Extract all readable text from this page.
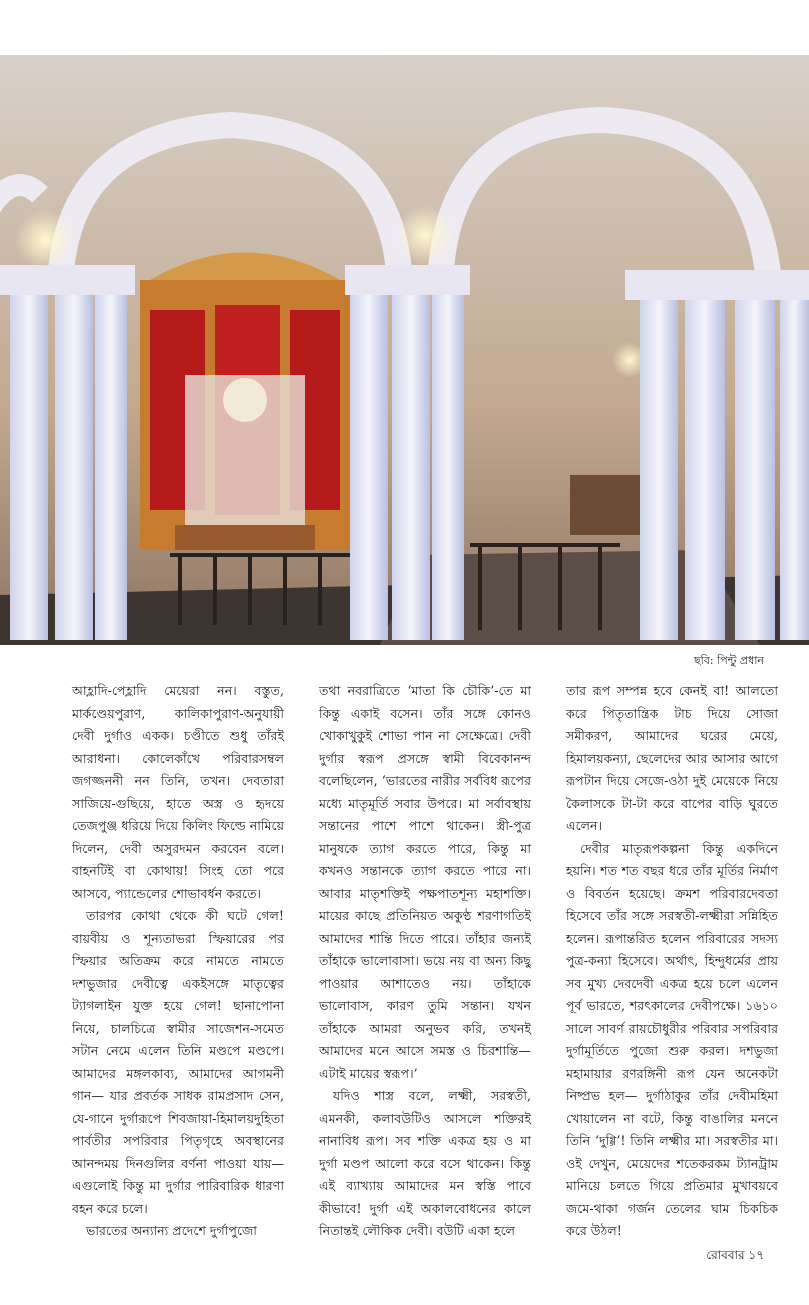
ছবি: পিন্টু প্রধান

আহ্লাদি-পেহ্লাদি মেয়েরা নন। বস্তুত, মার্কণ্ডেয়পুরাণ, কালিকাপুরাণ-অনুযায়ী দেবী দুর্গাও একক। চণ্ডীতে শুধু তাঁরই আরাধনা। কোলেকাঁখে পরিবারসম্বল জগজ্জননী নন তিনি, তখন। দেবতারা সাজিয়ে-গুছিয়ে, হাতে অস্ত্র ও হৃদয়ে তেজপুঞ্জ ধরিয়ে দিয়ে কিলিং ফিল্ডে নামিয়ে দিলেন, দেবী অসুরদমন করবেন বলে। বাহনটিই বা কোথায়! সিংহ তো পরে আসবে, প্যান্ডেলের শোভাবর্ধন করতে।

তারপর কোথা থেকে কী ঘটে গেল! বায়বীয় ও শূন্যতাভরা স্ফিয়ারের পর স্ফিয়ার অতিক্রম করে নামতে নামতে দশভুজার দেবীত্বে একইসঙ্গে মাতৃত্বের ট্যাগলাইন যুক্ত হয়ে গেল! ছানাপোনা নিয়ে, চালচিত্রে স্বামীর সাজেশন-সমেত সটান নেমে এলেন তিনি মণ্ডপে মণ্ডপে। আমাদের মঙ্গলকাব্য, আমাদের আগমনী গান— যার প্রবর্তক সাধক রামপ্রসাদ সেন, যে-গানে দুর্গারূপে শিবজায়া-হিমালয়দুহিতা পার্বতীর সপরিবার পিতৃগৃহে অবস্থানের আনন্দময় দিনগুলির বর্ণনা পাওয়া যায়— এগুলোই কিন্তু মা দুর্গার পারিবারিক ধারণা বহন করে চলে।

ভারতের অন্যান্য প্রদেশে দুর্গাপুজো

তথা নবরাত্রিতে ‘মাতা কি চৌকি’-তে মা কিন্তু একাই বসেন। তাঁর সঙ্গে কোনও খোকাখুকুই শোভা পান না সেক্ষেত্রে। দেবী দুর্গার স্বরূপ প্রসঙ্গে স্বামী বিবেকানন্দ বলেছিলেন, ‘ভারতের নারীর সর্ববিধ রূপের মধ্যে মাতৃমূর্তি সবার উপরে। মা সর্বাবস্থায় সন্তানের পাশে পাশে থাকেন। স্ত্রী-পুত্র মানুষকে ত্যাগ করতে পারে, কিন্তু মা কখনও সন্তানকে ত্যাগ করতে পারে না। আবার মাতৃশক্তিই পক্ষপাতশূন্য মহাশক্তি। মায়ের কাছে প্রতিনিয়ত অকুণ্ঠ শরণাগতিই আমাদের শান্তি দিতে পারে। তাঁহার জন্যই তাঁহাকে ভালোবাসা। ভয়ে নয় বা অন্য কিছু পাওয়ার আশাতেও নয়। তাঁহাকে ভালোবাস, কারণ তুমি সন্তান। যখন তাঁহাকে আমরা অনুভব করি, তখনই আমাদের মনে আসে সমস্ত ও চিরশান্তি— এটাই মায়ের স্বরূপ।’

যদিও শাস্ত্র বলে, লক্ষ্মী, সরস্বতী, এমনকী, কলাবউটিও আসলে শক্তিরই নানাবিধ রূপ। সব শক্তি একত্র হয় ও মা দুর্গা মণ্ডপ আলো করে বসে থাকেন। কিন্তু এই ব্যাখ্যায় আমাদের মন স্বস্তি পাবে কীভাবে! দুর্গা এই অকালবোধনের কালে নিতান্তই লৌকিক দেবী। বউটি একা হলে

তার রূপ সম্পন্ন হবে কেনই বা! আলতো করে পিতৃতান্ত্রিক টাচ দিয়ে সোজা সমীকরণ, আমাদের ঘরের মেয়ে, হিমালয়কন্যা, ছেলেদের আর আসার আগে রূপটান দিয়ে সেজে-ওঠা দুই মেয়েকে নিয়ে কৈলাসকে টা-টা করে বাপের বাড়ি ঘুরতে এলেন।

দেবীর মাতৃরূপকল্পনা কিন্তু একদিনে হয়নি। শত শত বছর ধরে তাঁর মূর্তির নির্মাণ ও বিবর্তন হয়েছে। ক্রমশ পরিবারদেবতা হিসেবে তাঁর সঙ্গে সরস্বতী-লক্ষ্মীরা সন্নিহিত হলেন। রূপান্তরিত হলেন পরিবারের সদস্য পুত্র-কন্যা হিসেবে। অর্থাৎ, হিন্দুধর্মের প্রায় সব মুখ্য দেবদেবী একত্র হয়ে চলে এলেন পূর্ব ভারতে, শরৎকালের দেবীপক্ষে। ১৬১০ সালে সাবর্ণ রায়চৌধুরীর পরিবার সপরিবার দুর্গামূর্তিতে পুজো শুরু করল। দশভুজা মহামায়ার রণরঙ্গিনী রূপ যেন অনেকটা নিষ্প্রভ হল— দুর্গাঠাকুর তাঁর দেবীমহিমা খোয়ালেন না বটে, কিন্তু বাঙালির মননে তিনি ‘দুগ্গি’! তিনি লক্ষ্মীর মা। সরস্বতীর মা। ওই দেখুন, মেয়েদের শতেকরকম ট্যানট্রাম মানিয়ে চলতে গিয়ে প্রতিমার মুখাবয়বে জমে-থাকা গর্জন তেলের ঘাম চিকচিক করে উঠল!

রোববার ১৭
